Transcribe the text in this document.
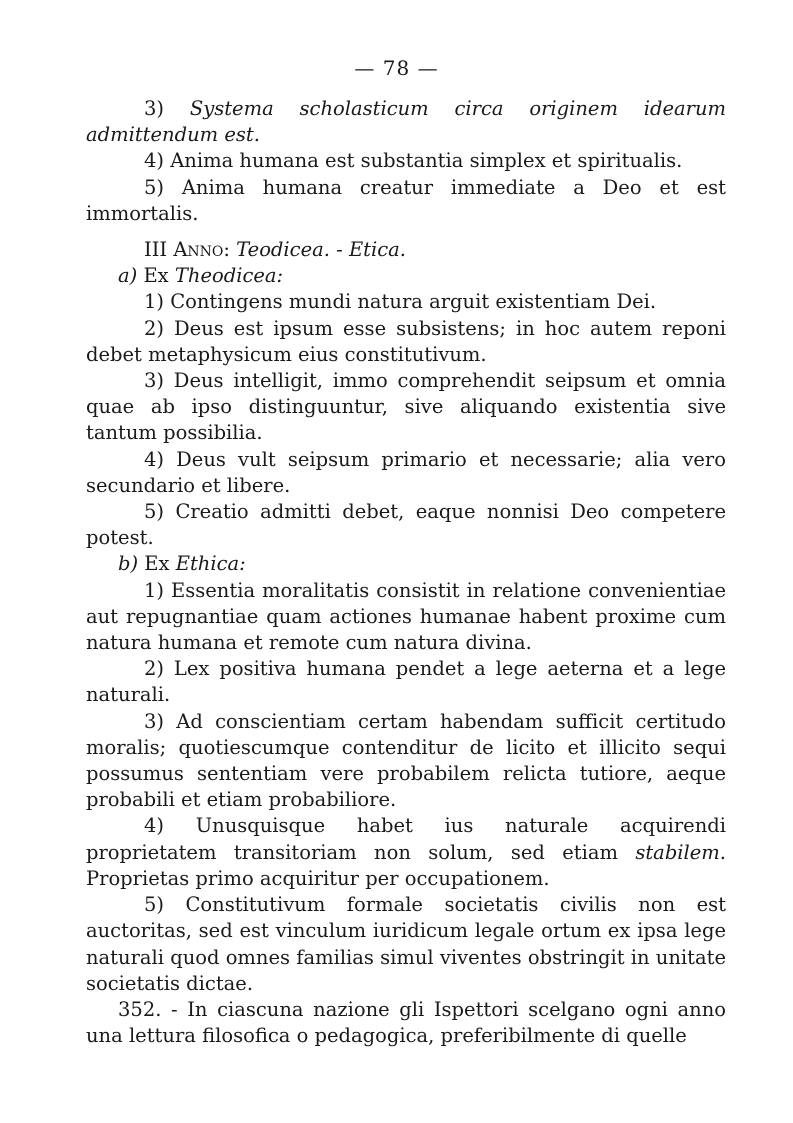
— 78 —

3) Systema scholasticum circa originem idearum admittendum est.

4) Anima humana est substantia simplex et spiritualis.

5) Anima humana creatur immediate a Deo et est immortalis.

III Anno: Teodicea. - Etica.

a) Ex Theodicea:

1) Contingens mundi natura arguit existentiam Dei.

2) Deus est ipsum esse subsistens; in hoc autem reponi debet metaphysicum eius constitutivum.

3) Deus intelligit, immo comprehendit seipsum et omnia quae ab ipso distinguuntur, sive aliquando existentia sive tantum possibilia.

4) Deus vult seipsum primario et necessarie; alia vero secundario et libere.

5) Creatio admitti debet, eaque nonnisi Deo competere potest.

b) Ex Ethica:

1) Essentia moralitatis consistit in relatione convenientiae aut repugnantiae quam actiones humanae habent proxime cum natura humana et remote cum natura divina.

2) Lex positiva humana pendet a lege aeterna et a lege naturali.

3) Ad conscientiam certam habendam sufficit certitudo moralis; quotiescumque contenditur de licito et illicito sequi possumus sententiam vere probabilem relicta tutiore, aeque probabili et etiam probabiliore.

4) Unusquisque habet ius naturale acquirendi proprietatem transitoriam non solum, sed etiam stabilem. Proprietas primo acquiritur per occupationem.

5) Constitutivum formale societatis civilis non est auctoritas, sed est vinculum iuridicum legale ortum ex ipsa lege naturali quod omnes familias simul viventes obstringit in unitate societatis dictae.

352. - In ciascuna nazione gli Ispettori scelgano ogni anno una lettura filosofica o pedagogica, preferibilmente di quelle
